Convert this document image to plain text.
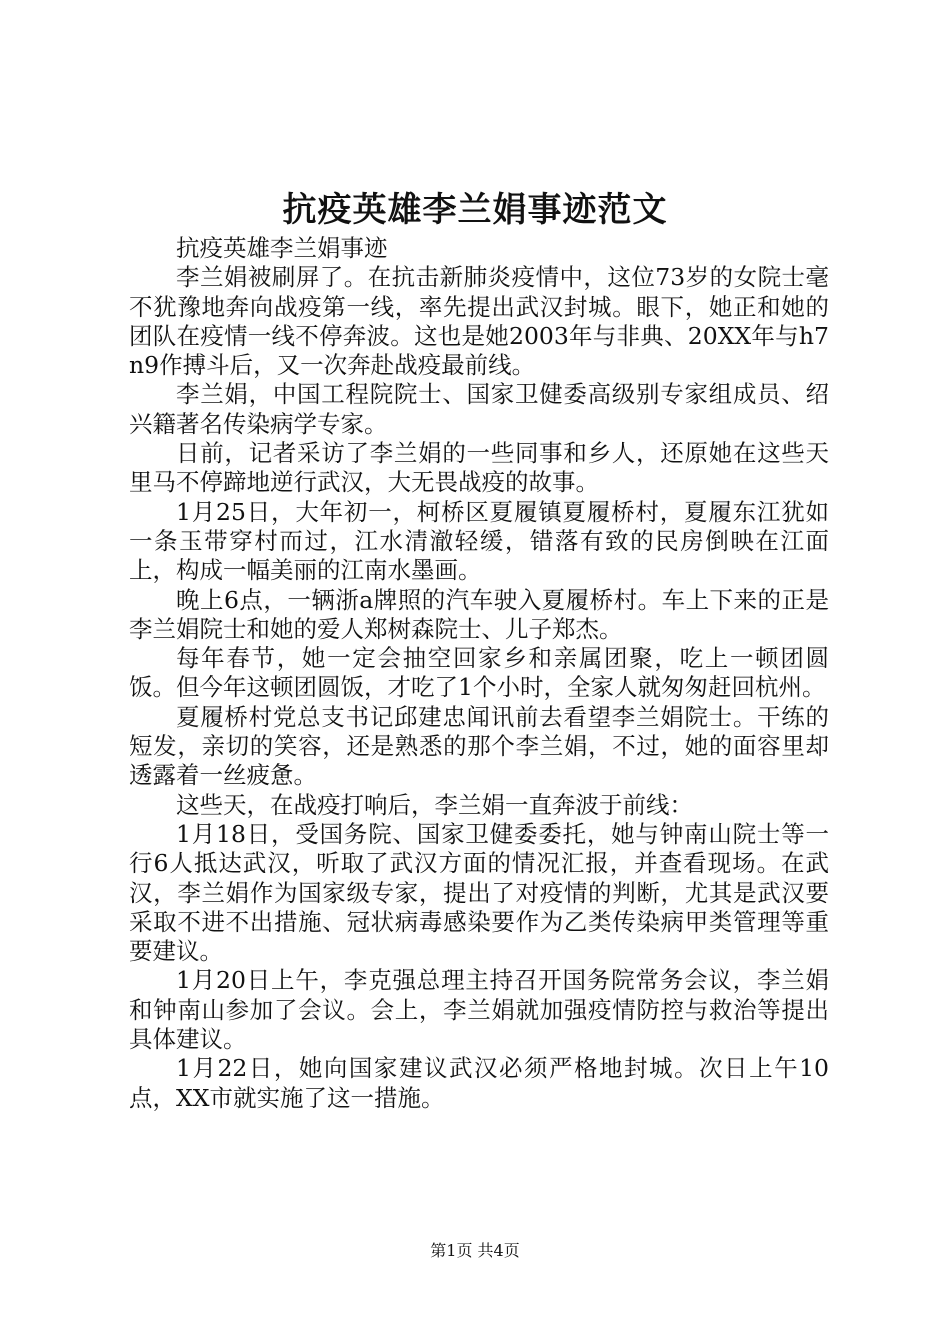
抗疫英雄李兰娟事迹范文

抗疫英雄李兰娟事迹

李兰娟被刷屏了。在抗击新肺炎疫情中，这位73岁的女院士毫不犹豫地奔向战疫第一线，率先提出武汉封城。眼下，她正和她的团队在疫情一线不停奔波。这也是她2003年与非典、20XX年与h7n9作搏斗后，又一次奔赴战疫最前线。

李兰娟，中国工程院院士、国家卫健委高级别专家组成员、绍兴籍著名传染病学专家。

日前，记者采访了李兰娟的一些同事和乡人，还原她在这些天里马不停蹄地逆行武汉，大无畏战疫的故事。

1月25日，大年初一，柯桥区夏履镇夏履桥村，夏履东江犹如一条玉带穿村而过，江水清澈轻缓，错落有致的民房倒映在江面上，构成一幅美丽的江南水墨画。

晚上6点，一辆浙a牌照的汽车驶入夏履桥村。车上下来的正是李兰娟院士和她的爱人郑树森院士、儿子郑杰。

每年春节，她一定会抽空回家乡和亲属团聚，吃上一顿团圆饭。但今年这顿团圆饭，才吃了1个小时，全家人就匆匆赶回杭州。

夏履桥村党总支书记邱建忠闻讯前去看望李兰娟院士。干练的短发，亲切的笑容，还是熟悉的那个李兰娟，不过，她的面容里却透露着一丝疲惫。

这些天，在战疫打响后，李兰娟一直奔波于前线：

1月18日，受国务院、国家卫健委委托，她与钟南山院士等一行6人抵达武汉，听取了武汉方面的情况汇报，并查看现场。在武汉，李兰娟作为国家级专家，提出了对疫情的判断，尤其是武汉要采取不进不出措施、冠状病毒感染要作为乙类传染病甲类管理等重要建议。

1月20日上午，李克强总理主持召开国务院常务会议，李兰娟和钟南山参加了会议。会上，李兰娟就加强疫情防控与救治等提出具体建议。

1月22日，她向国家建议武汉必须严格地封城。次日上午10点，XX市就实施了这一措施。

第1页 共4页
